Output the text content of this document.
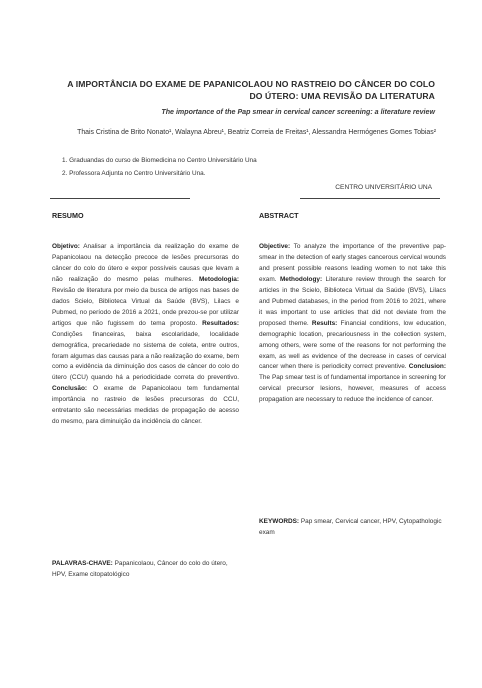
A IMPORTÂNCIA DO EXAME DE PAPANICOLAOU NO RASTREIO DO CÂNCER DO COLO DO ÚTERO: UMA REVISÃO DA LITERATURA
The importance of the Pap smear in cervical cancer screening: a literature review
Thais Cristina de Brito Nonato¹, Walayna Abreu¹, Beatriz Correia de Freitas¹, Alessandra Hermógenes Gomes Tobias²
1. Graduandas do curso de Biomedicina no Centro Universitário Una
2. Professora Adjunta no Centro Universitário Una.
CENTRO UNIVERSITÁRIO UNA
RESUMO	ABSTRACT
Objetivo: Analisar a importância da realização do exame de Papanicolaou na detecção precoce de lesões precursoras do câncer do colo do útero e expor possíveis causas que levam a não realização do mesmo pelas mulheres. Metodologia: Revisão de literatura por meio da busca de artigos nas bases de dados Scielo, Biblioteca Virtual da Saúde (BVS), Lilacs e Pubmed, no período de 2016 a 2021, onde prezou-se por utilizar artigos que não fugissem do tema proposto. Resultados: Condições financeiras, baixa escolaridade, localidade demográfica, precariedade no sistema de coleta, entre outros, foram algumas das causas para a não realização do exame, bem como a evidência da diminuição dos casos de câncer do colo do útero (CCU) quando há a periodicidade correta do preventivo. Conclusão: O exame de Papanicolaou tem fundamental importância no rastreio de lesões precursoras do CCU, entretanto são necessárias medidas de propagação de acesso do mesmo, para diminuição da incidência do câncer.
PALAVRAS-CHAVE: Papanicolaou, Câncer do colo do útero, HPV, Exame citopatológico
Objective: To analyze the importance of the preventive pap-smear in the detection of early stages cancerous cervical wounds and present possible reasons leading women to not take this exam. Methodology: Literature review through the search for articles in the Scielo, Biblioteca Virtual da Saúde (BVS), Lilacs and Pubmed databases, in the period from 2016 to 2021, where it was important to use articles that did not deviate from the proposed theme. Results: Financial conditions, low education, demographic location, precariousness in the collection system, among others, were some of the reasons for not performing the exam, as well as evidence of the decrease in cases of cervical cancer when there is periodicity correct preventive. Conclusion: The Pap smear test is of fundamental importance in screening for cervical precursor lesions, however, measures of access propagation are necessary to reduce the incidence of cancer.
KEYWORDS: Pap smear, Cervical cancer, HPV, Cytopathologic exam
